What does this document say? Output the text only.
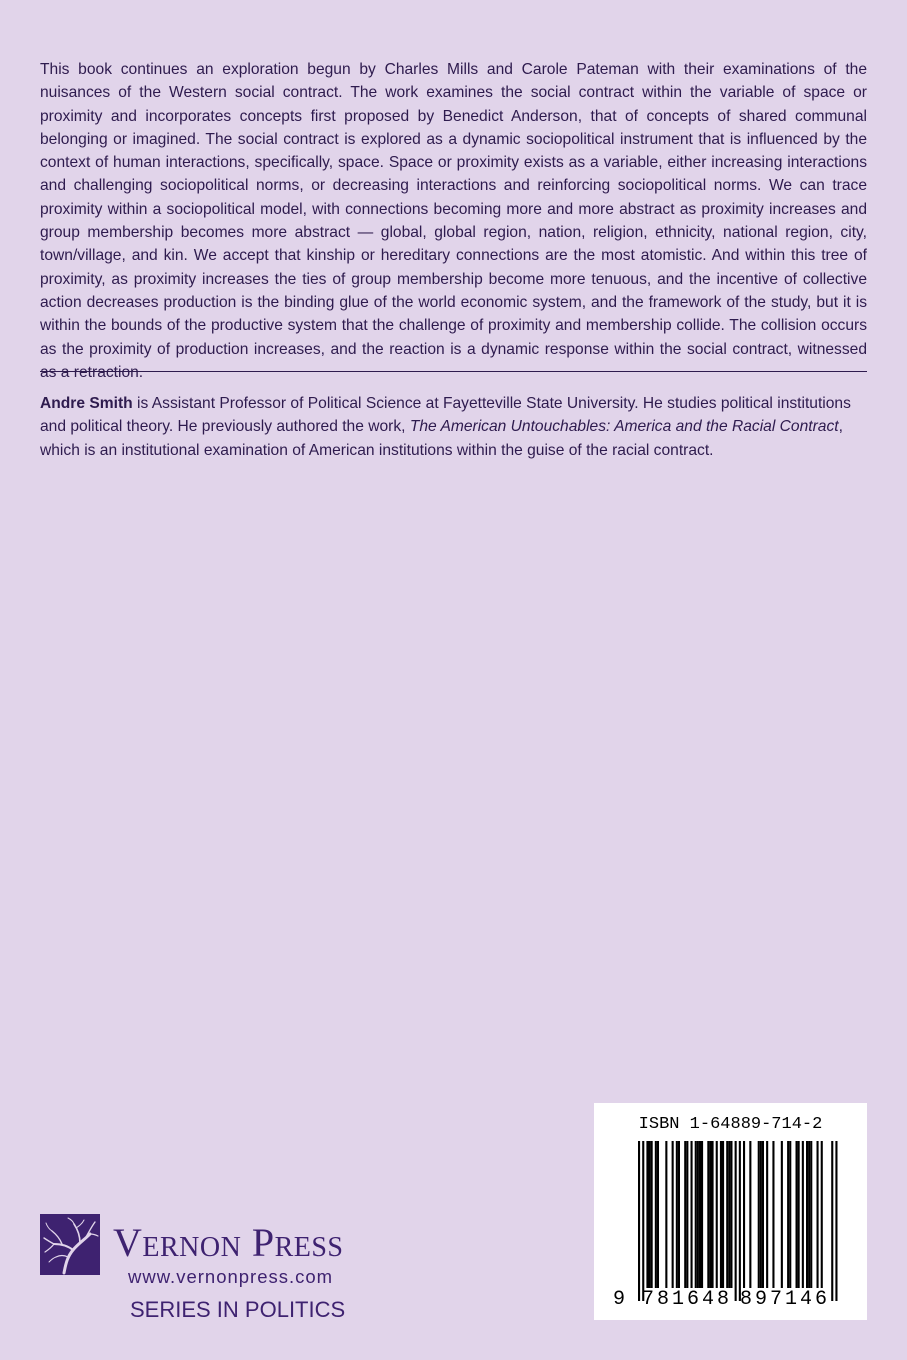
This book continues an exploration begun by Charles Mills and Carole Pateman with their examinations of the nuisances of the Western social contract. The work examines the social contract within the variable of space or proximity and incorporates concepts first proposed by Benedict Anderson, that of concepts of shared communal belonging or imagined. The social contract is explored as a dynamic sociopolitical instrument that is influenced by the context of human interactions, specifically, space. Space or proximity exists as a variable, either increasing interactions and challenging sociopolitical norms, or decreasing interactions and reinforcing sociopolitical norms. We can trace proximity within a sociopolitical model, with connections becoming more and more abstract as proximity increases and group membership becomes more abstract — global, global region, nation, religion, ethnicity, national region, city, town/village, and kin. We accept that kinship or hereditary connections are the most atomistic. And within this tree of proximity, as proximity increases the ties of group membership become more tenuous, and the incentive of collective action decreases production is the binding glue of the world economic system, and the framework of the study, but it is within the bounds of the productive system that the challenge of proximity and membership collide. The collision occurs as the proximity of production increases, and the reaction is a dynamic response within the social contract, witnessed as a retraction.

Andre Smith is Assistant Professor of Political Science at Fayetteville State University. He studies political institutions and political theory. He previously authored the work, The American Untouchables: America and the Racial Contract, which is an institutional examination of American institutions within the guise of the racial contract.

Vernon Press
www.vernonpress.com
SERIES IN POLITICS
ISBN 1-64889-714-2
9 781648 897146
